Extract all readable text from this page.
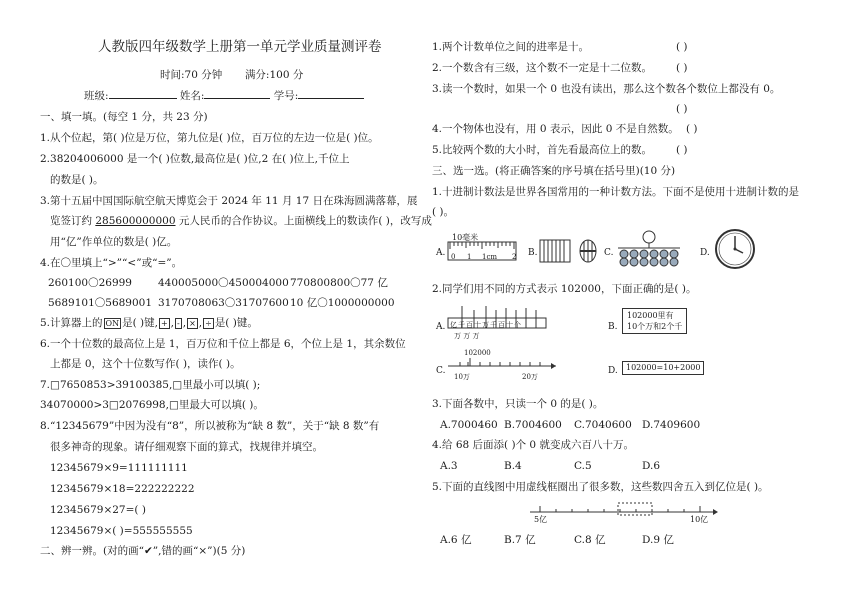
人教版四年级数学上册第一单元学业质量测评卷
时间:70 分钟 满分:100 分
班级:	姓名:	学号:
一、填一填。(每空 1 分，共 23 分)
1.从个位起，第( )位是万位，第九位是( )位，百万位的左边一位是( )位。
2.38204006000 是一个( )位数,最高位是( )位,2 在( )位上,千位上
的数是( )。
3.第十五届中国国际航空航天博览会于 2024 年 11 月 17 日在珠海圆满落幕，展
览签订约 285600000000 元人民币的合作协议。上面横线上的数读作( )，改写成
用“亿”作单位的数是( )亿。
4.在〇里填上“>”“<”或“=”。
260100〇26999 440005000〇450004000 770800800〇77 亿
5689101〇5689001 3170708063〇31707600 10 亿〇1000000000
5.计算器上的 ON 是( )键, + , - , × , ÷ 是( )键。
6.一个十位数的最高位上是 1，百万位和千位上都是 6，个位上是 1，其余数位
上都是 0，这个十位数写作( )，读作( )。
7.□7650853>39100385,□里最小可以填( );
34070000>3□2076998,□里最大可以填( )。
8.“12345679”中因为没有“8”，所以被称为“缺 8 数”，关于“缺 8 数”有
很多神奇的现象。请仔细观察下面的算式，找规律并填空。
12345679×9=111111111
12345679×18=222222222
12345679×27=( )
12345679×( )=555555555
二、辨一辨。(对的画“✔”,错的画“×”)(5 分)
1.两个计数单位之间的进率是十。	( )
2.一个数含有三级，这个数不一定是十二位数。 ( )
3.读一个数时，如果一个 0 也没有读出，那么这个数各个数位上都没有 0。
( )
4.一个物体也没有，用 0 表示，因此 0 不是自然数。 ( )
5.比较两个数的大小时，首先看最高位上的数。 ( )
三、选一选。(将正确答案的序号填在括号里)(10 分)
1.十进制计数法是世界各国常用的一种计数方法。下面不是使用十进制计数的是
( )。
A.
10毫米
0 1 1cm 2 B.	C.	D.
2.同学们用不同的方式表示 102000，下面正确的是( )。
A. 亿千百十万千百十个
万 万 万
B.
102000里有
10个万和2个千
C.
102000
10万	20万
D.	102000=10+2000
3.下面各数中，只读一个 0 的是( )。
A.7000460 B.7004600 C.7040600 D.7409600
4.给 68 后面添( )个 0 就变成六百八十万。
A.3	B.4	C.5	D.6
5.下面的直线图中用虚线框圈出了很多数，这些数四舍五入到亿位是( )。
5亿	10亿
A.6 亿	B.7 亿	C.8 亿	D.9 亿
